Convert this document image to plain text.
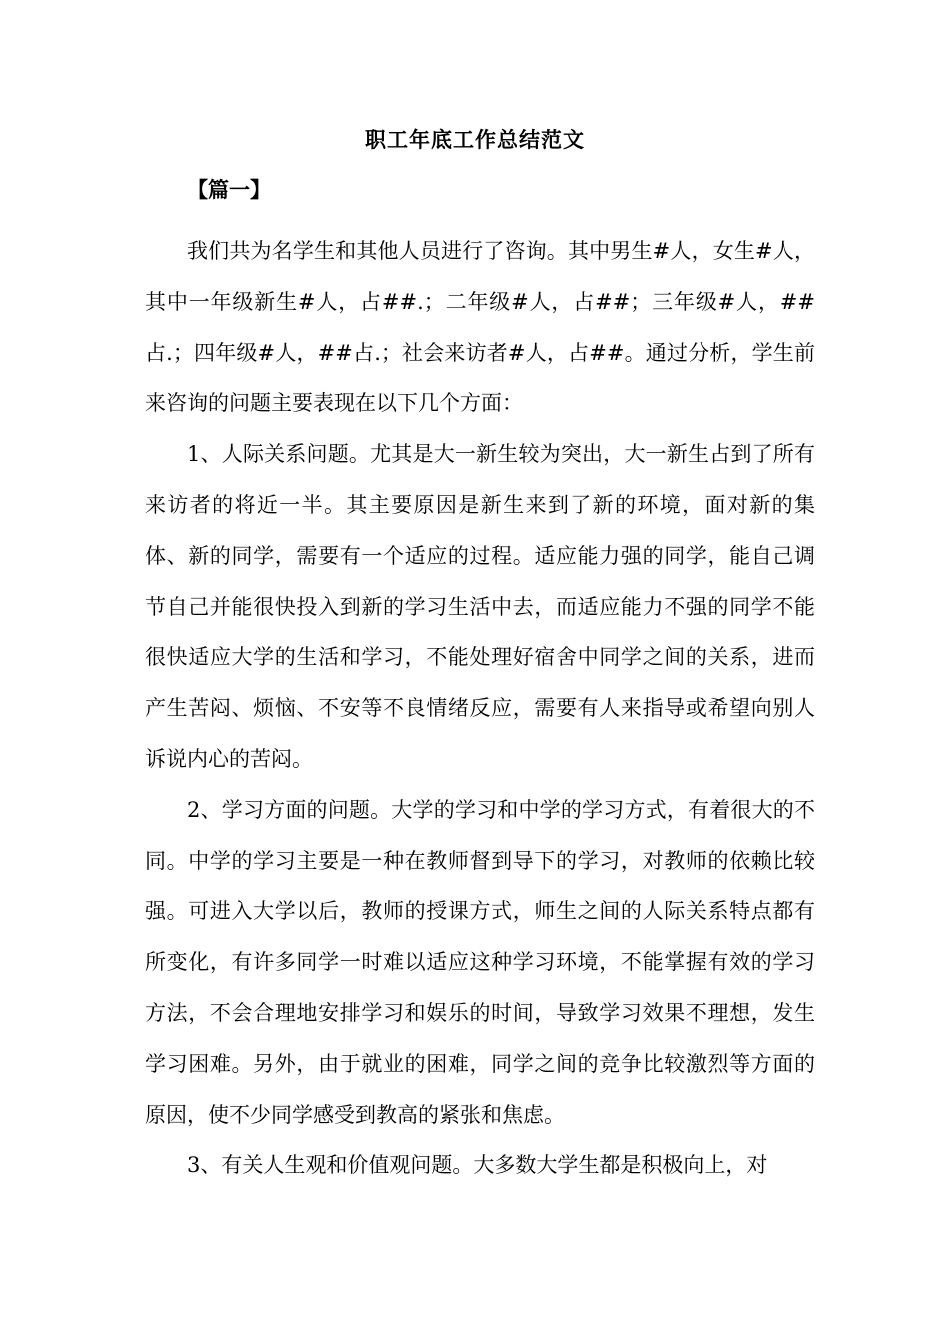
职工年底工作总结范文
【篇一】

我们共为名学生和其他人员进行了咨询。其中男生#人，女生#人，其中一年级新生#人，占##.；二年级#人，占##；三年级#人，##占.；四年级#人，##占.；社会来访者#人，占##。通过分析，学生前来咨询的问题主要表现在以下几个方面：

1、人际关系问题。尤其是大一新生较为突出，大一新生占到了所有来访者的将近一半。其主要原因是新生来到了新的环境，面对新的集体、新的同学，需要有一个适应的过程。适应能力强的同学，能自己调节自己并能很快投入到新的学习生活中去，而适应能力不强的同学不能很快适应大学的生活和学习，不能处理好宿舍中同学之间的关系，进而产生苦闷、烦恼、不安等不良情绪反应，需要有人来指导或希望向别人诉说内心的苦闷。

2、学习方面的问题。大学的学习和中学的学习方式，有着很大的不同。中学的学习主要是一种在教师督到导下的学习，对教师的依赖比较强。可进入大学以后，教师的授课方式，师生之间的人际关系特点都有所变化，有许多同学一时难以适应这种学习环境，不能掌握有效的学习方法，不会合理地安排学习和娱乐的时间，导致学习效果不理想，发生学习困难。另外，由于就业的困难，同学之间的竞争比较激烈等方面的原因，使不少同学感受到教高的紧张和焦虑。

3、有关人生观和价值观问题。大多数大学生都是积极向上，对
